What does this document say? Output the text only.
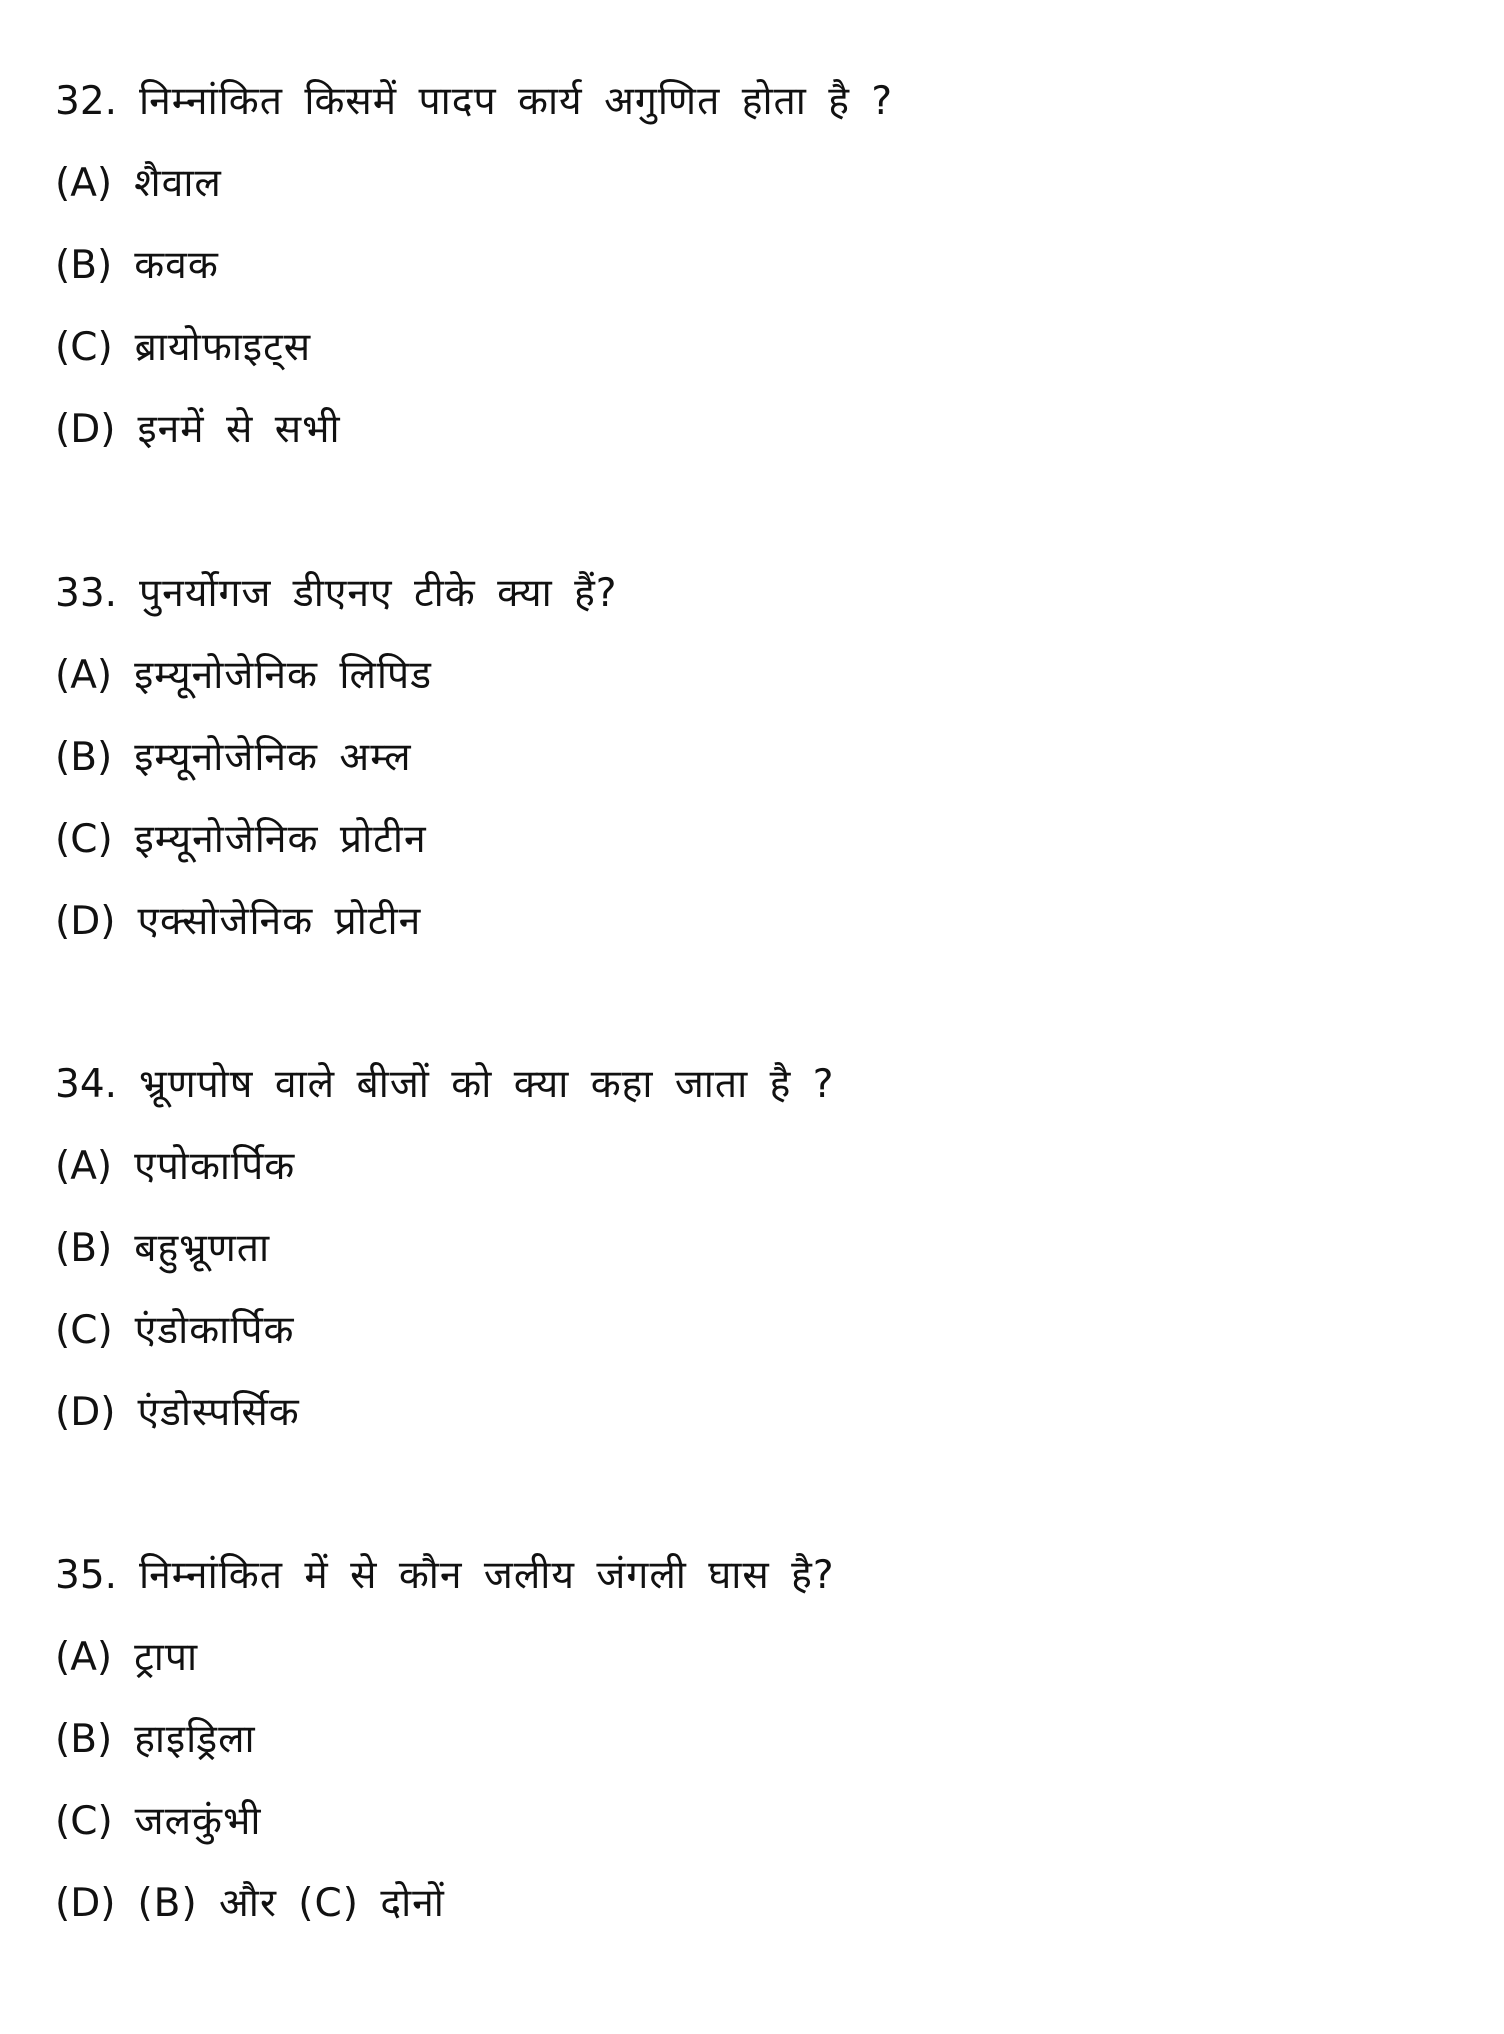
32. निम्नांकित किसमें पादप कार्य अगुणित होता है ?
(A) शैवाल
(B) कवक
(C) ब्रायोफाइट्स
(D) इनमें से सभी
33. पुनर्योगज डीएनए टीके क्या हैं?
(A) इम्यूनोजेनिक लिपिड
(B) इम्यूनोजेनिक अम्ल
(C) इम्यूनोजेनिक प्रोटीन
(D) एक्सोजेनिक प्रोटीन
34. भ्रूणपोष वाले बीजों को क्या कहा जाता है ?
(A) एपोकार्पिक
(B) बहुभ्रूणता
(C) एंडोकार्पिक
(D) एंडोस्पर्सिक
35. निम्नांकित में से कौन जलीय जंगली घास है?
(A) ट्रापा
(B) हाइड्रिला
(C) जलकुंभी
(D) (B) और (C) दोनों
